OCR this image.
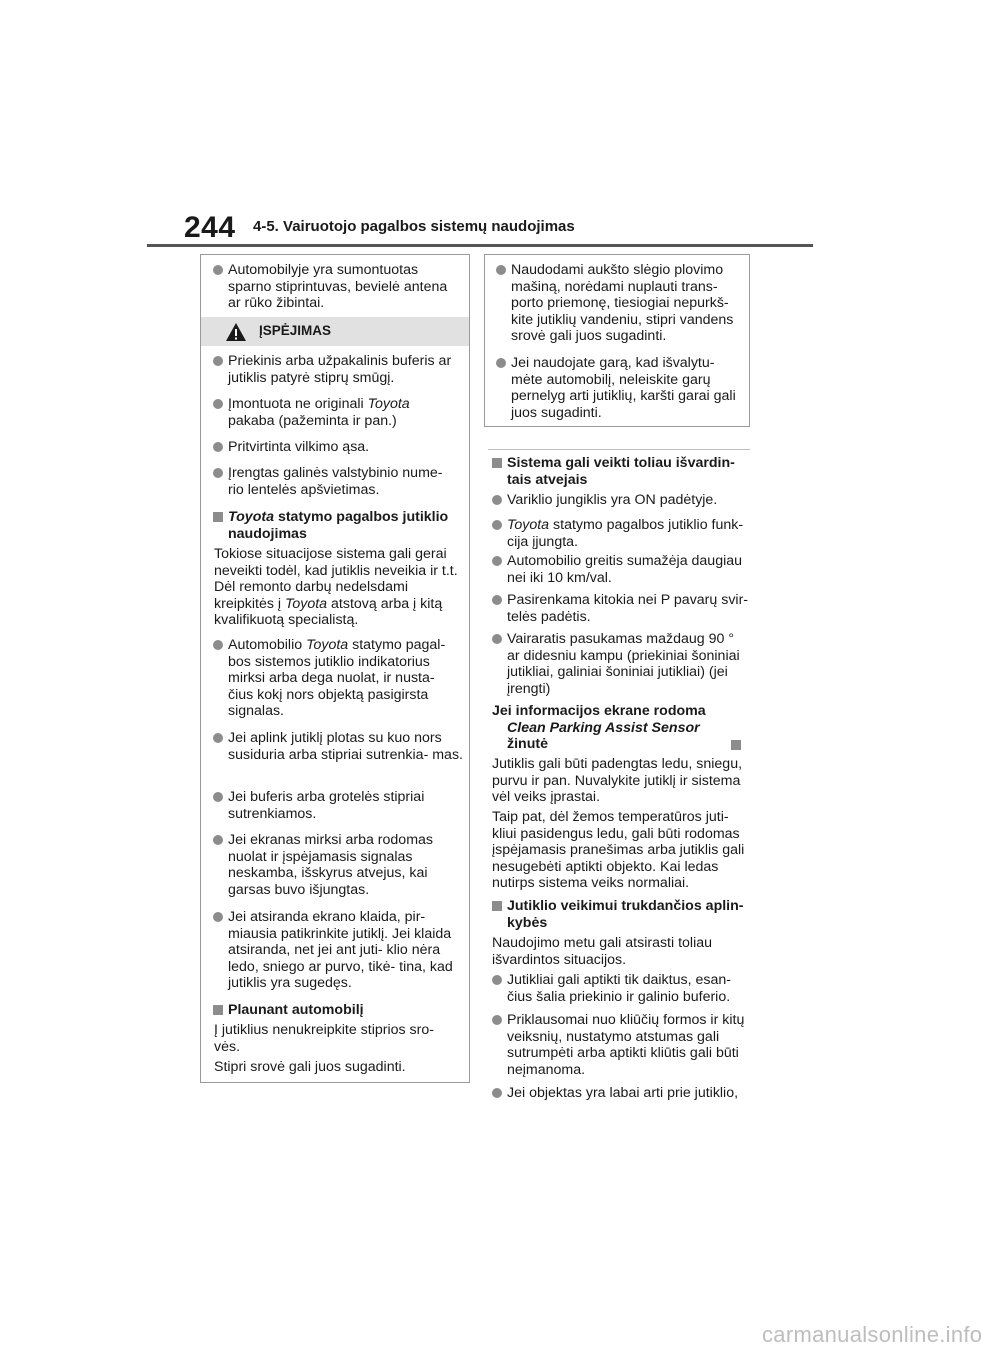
244 4-5. Vairuotojo pagalbos sistemų naudojimas
Automobilyje yra sumontuotas sparno stiprintuvas, bevielė antena ar rūko žibintai.
ĮSPĖJIMAS
Priekinis arba užpakalinis buferis ar jutiklis patyrė stiprų smūgį.
Įmontuota ne originali Toyota
pakaba (pažeminta ir pan.)
Pritvirtinta vilkimo ąsa.
Įrengtas galinės valstybinio nume- rio lentelės apšvietimas.
Toyota statymo pagalbos jutiklio naudojimas
Tokiose situacijose sistema gali gerai neveikti todėl, kad jutiklis neveikia ir t.t. Dėl remonto darbų nedelsdami kreipkitės į Toyota atstovą arba į kitą kvalifikuotą specialistą.
Automobilio Toyota statymo pagal- bos sistemos jutiklio indikatorius mirksi arba dega nuolat, ir nusta- čius kokį nors objektą pasigirsta signalas.
Jei aplink jutiklį plotas su kuo nors susiduria arba stipriai sutrenkia- mas.
Jei buferis arba grotelės stipriai sutrenkiamos.
Jei ekranas mirksi arba rodomas nuolat ir įspėjamasis signalas neskamba, išskyrus atvejus, kai garsas buvo išjungtas.
Jei atsiranda ekrano klaida, pir- miausia patikrinkite jutiklį. Jei klaida atsiranda, net jei ant juti- klio nėra ledo, sniego ar purvo, tikė- tina, kad jutiklis yra sugedęs.
Plaunant automobilį
Į jutiklius nenukreipkite stiprios sro- vės.
Stipri srovė gali juos sugadinti.
Naudodami aukšto slėgio plovimo mašiną, norėdami nuplauti trans- porto priemonę, tiesiogiai nepurkš- kite jutiklių vandeniu, stipri vandens srovė gali juos sugadinti.
Jei naudojate garą, kad išvalytu- mėte automobilį, neleiskite garų pernelyg arti jutiklių, karšti garai gali juos sugadinti.
Sistema gali veikti toliau išvardin- tais atvejais
Variklio jungiklis yra ON padėtyje.
Toyota statymo pagalbos jutiklio funk- cija įjungta.
Automobilio greitis sumažėja daugiau nei iki 10 km/val.
Pasirenkama kitokia nei P pavarų svir- telės padėtis.
Vairaratis pasukamas maždaug 90 ° ar didesniu kampu (priekiniai šoniniai jutikliai, galiniai šoniniai jutikliai) (jei įrengti)
Jei informacijos ekrane rodoma
Clean Parking Assist Sensor
žinutė
Jutiklis gali būti padengtas ledu, sniegu, purvu ir pan. Nuvalykite jutiklį ir sistema vėl veiks įprastai.
Taip pat, dėl žemos temperatūros juti- kliui pasidengus ledu, gali būti rodomas įspėjamasis pranešimas arba jutiklis gali nesugebėti aptikti objekto. Kai ledas nutirps sistema veiks normaliai.
Jutiklio veikimui trukdančios aplin- kybės
Naudojimo metu gali atsirasti toliau išvardintos situacijos.
Jutikliai gali aptikti tik daiktus, esan- čius šalia priekinio ir galinio buferio.
Priklausomai nuo kliūčių formos ir kitų veiksnių, nustatymo atstumas gali sutrumpėti arba aptikti kliūtis gali būti neįmanoma.
Jei objektas yra labai arti prie jutiklio,
carmanualsonline.info
